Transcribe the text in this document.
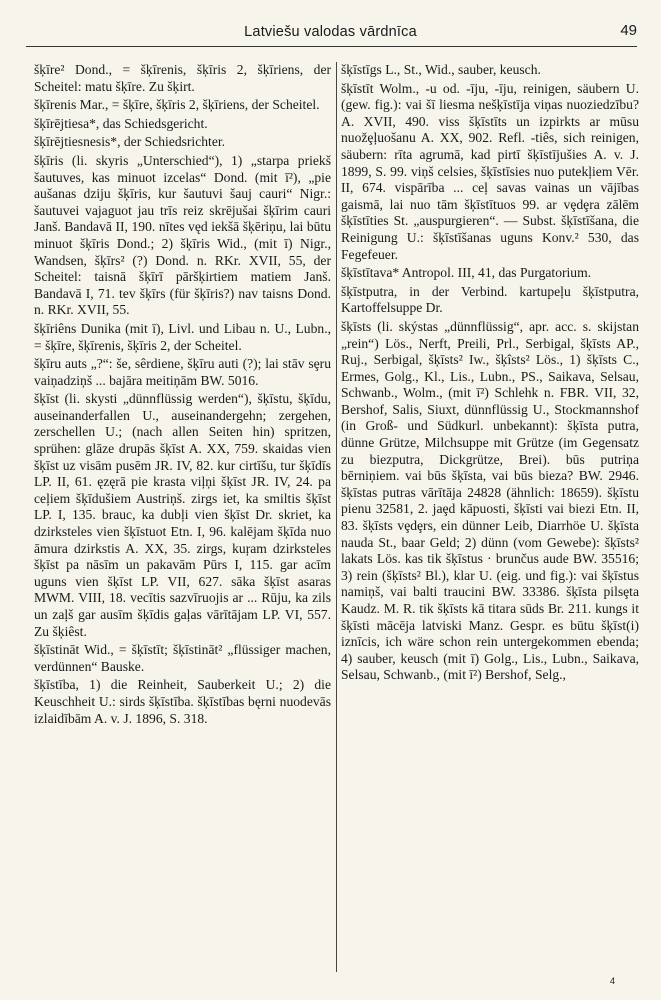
Latviešu valodas vārdnīca	49

šķīre² Dond., = šķīrenis, šķīris 2, šķīriens, der Scheitel: matu šķīre. Zu šķirt.

šķīrenis Mar., = šķīre, šķīris 2, šķīriens, der Scheitel.

šķīrējtiesa*, das Schiedsgericht.

šķīrējtiesnesis*, der Schiedsrichter.

šķīris (li. skyris „Unterschied“), 1) „starpa priekš šautuves, kas minuot izcelas“ Dond. (mit ī²), „pie aušanas dziju šķīris, kur šautuvi šauj cauri“ Nigr.: šautuvei vajaguot jau trīs reiz skrējušai šķīrim cauri Janš. Bandavā II, 190. nītes vęd iekšā šķēriņu, lai būtu minuot šķīris Dond.; 2) šķīris Wid., (mit ī) Nigr., Wandsen, šķīrs² (?) Dond. n. RKr. XVII, 55, der Scheitel: taisnā šķīrī pāršķirtiem matiem Janš. Bandavā I, 71. tev šķīrs (für šķīris?) nav taisns Dond. n. RKr. XVII, 55.

šķīriêns Dunika (mit ī), Livl. und Libau n. U., Lubn., = šķīre, šķīrenis, šķīris 2, der Scheitel.

šķīru auts „?“: še, sêrdiene, šķīru auti (?); lai stāv sȩru vaiņadziņš ... bajāra meitiņām BW. 5016.

šķīst (li. skysti „dünnflüssig werden“), šķīstu, šķīdu, auseinanderfallen U., auseinandergehn; zergehen, zerschellen U.; (nach allen Seiten hin) spritzen, sprühen: glāze drupās šķīst A. XX, 759. skaidas vien šķīst uz visām pusēm JR. IV, 82. kur cirtīšu, tur šķīdīs LP. II, 61. ęzęrā pie krasta viļņi šķīst JR. IV, 24. pa ceļiem šķīdušiem Austriņš. zirgs iet, ka smiltis šķīst LP. I, 135. brauc, ka dubļi vien šķīst Dr. skriet, ka dzirksteles vien šķīstuot Etn. I, 96. kalējam šķīda nuo āmura dzirkstis A. XX, 35. zirgs, kuŗam dzirksteles šķīst pa nāsīm un pakavām Pūrs I, 115. gar acīm uguns vien šķīst LP. VII, 627. sāka šķīst asaras MWM. VIII, 18. vecītis sazvīruojis ar ... Rūju, ka zils un zaļš gar ausīm šķīdis gaļas vārītājam LP. VI, 557. Zu šķiêst.

šķīstināt Wid., = šķīstīt; šķīstināt² „flüssiger machen, verdünnen“ Bauske.

šķīstība, 1) die Reinheit, Sauberkeit U.; 2) die Keuschheit U.: sirds šķīstība. šķīstības bęrni nuodevās izlaidībām A. v. J. 1896, S. 318.

šķīstīgs L., St., Wid., sauber, keusch.

šķīstīt Wolm., -u od. -īju, -īju, reinigen, säubern U. (gew. fig.): vai šī liesma nešķīstīja viņas nuoziedzību? A. XVII, 490. viss šķīstīts un izpirkts ar mūsu nuožȩļuošanu A. XX, 902. Refl. -tiês, sich reinigen, säubern: rīta agrumā, kad pirtī šķīstījušies A. v. J. 1899, S. 99. viņš celsies, šķīstīsies nuo putekļiem Vēr. II, 674. vispārība ... ceļ savas vainas un vājības gaismā, lai nuo tām šķīstītuos 99. ar vȩdȩra zālēm šķīstīties St. „auspurgieren“. — Subst. šķīstīšana, die Reinigung U.: šķīstīšanas uguns Konv.² 530, das Fegefeuer.

šķīstītava* Antropol. III, 41, das Purgatorium.

šķīstputra, in der Verbind. kartupeļu šķīstputra, Kartoffelsuppe Dr.

šķīsts (li. skýstas „dünnflüssig“, apr. acc. s. skijstan „rein“) Lös., Nerft, Preili, Prl., Serbigal, šķīsts AP., Ruj., Serbigal, šķīsts² Iw., šķîsts² Lös., 1) šķīsts C., Ermes, Golg., Kl., Lis., Lubn., PS., Saikava, Selsau, Schwanb., Wolm., (mit ī²) Schlehk n. FBR. VII, 32, Bershof, Salis, Siuxt, dünnflüssig U., Stockmannshof (in Groß- und Südkurl. unbekannt): šķīsta putra, dünne Grütze, Milchsuppe mit Grütze (im Gegensatz zu biezputra, Dickgrütze, Brei). būs putriņa bērniņiem. vai būs šķīsta, vai būs bieza? BW. 2946. šķīstas putras vārītāja 24828 (ähnlich: 18659). šķīstu pienu 32581, 2. jaȩd kāpuosti, šķīsti vai biezi Etn. II, 83. šķīsts vȩdȩrs, ein dünner Leib, Diarrhöe U. šķīsta nauda St., baar Geld; 2) dünn (vom Gewebe): šķīsts² lakats Lös. kas tik šķīstus · brunčus aude BW. 35516; 3) rein (šķīsts² Bl.), klar U. (eig. und fig.): vai šķīstus namiņš, vai balti traucini BW. 33386. šķīsta pilsȩta Kaudz. M. R. tik šķīsts kā titara sūds Br. 211. kungs it šķīsti mācēja latviski Manz. Gespr. es būtu šķīst(i) iznīcis, ich wäre schon rein untergekommen ebenda; 4) sauber, keusch (mit ī) Golg., Lis., Lubn., Saikava, Selsau, Schwanb., (mit ī²) Bershof, Selg.,

4
